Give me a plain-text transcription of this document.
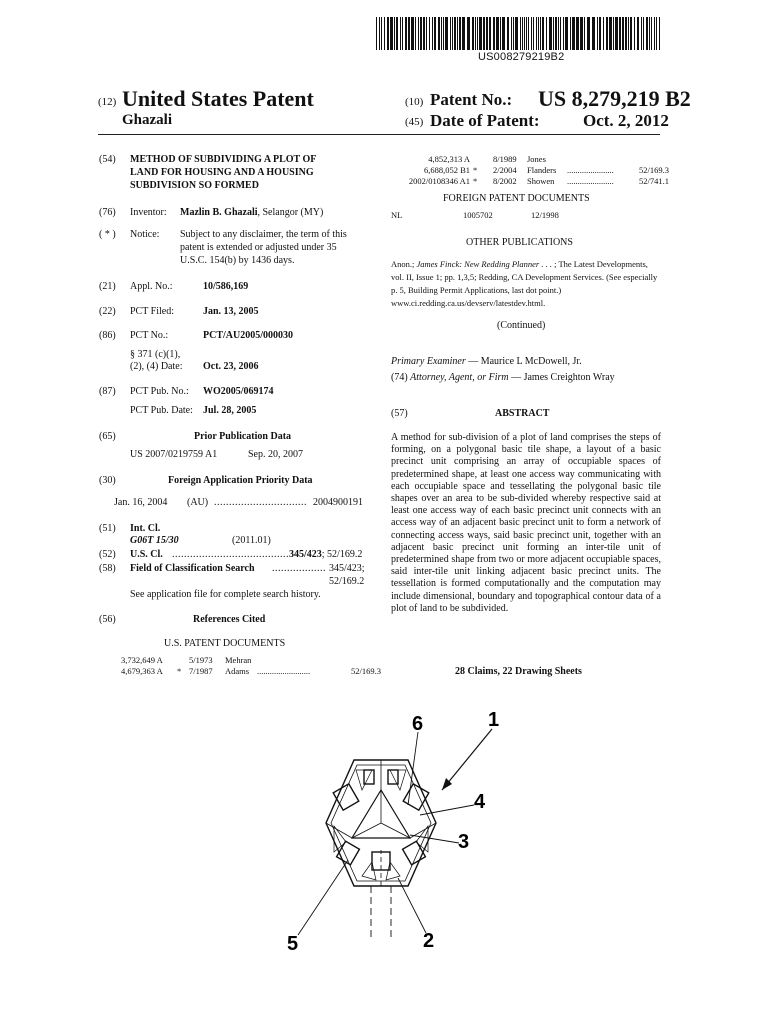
US008279219B2
(12) United States Patent
Ghazali
(10) Patent No.: US 8,279,219 B2
(45) Date of Patent:	Oct. 2, 2012
(54) METHOD OF SUBDIVIDING A PLOT OF
LAND FOR HOUSING AND A HOUSING
SUBDIVISION SO FORMED
(76) Inventor: Mazlin B. Ghazali, Selangor (MY)
( * ) Notice: Subject to any disclaimer, the term of this
patent is extended or adjusted under 35
U.S.C. 154(b) by 1436 days.
(21) Appl. No.:	10/586,169
(22) PCT Filed:	Jan. 13, 2005
(86) PCT No.:	PCT/AU2005/000030
§ 371 (c)(1),
(2), (4) Date: Oct. 23, 2006
(87) PCT Pub. No.: WO2005/069174
PCT Pub. Date: Jul. 28, 2005
(65)	Prior Publication Data
US 2007/0219759 A1	Sep. 20, 2007
(30)	Foreign Application Priority Data
Jan. 16, 2004 (AU) ............................... 2004900191
(51) Int. Cl.
G06T 15/30	(2011.01)
(52) U.S. Cl. ....................................... 345/423; 52/169.2
(58) Field of Classification Search .................. 345/423;
52/169.2
See application file for complete search history.
(56)	References Cited
U.S. PATENT DOCUMENTS
3,732,649 A	5/1973 Mehran
4,679,363 A * 7/1987 Adams .........................	52/169.3
4,852,313 A	8/1989 Jones
6,688,052 B1 * 2/2004 Flanders ......................	52/169.3
2002/0108346 A1 * 8/2002 Showen ......................	52/741.1
FOREIGN PATENT DOCUMENTS
NL	1005702	12/1998
OTHER PUBLICATIONS
Anon.; James Finck: New Redding Planner . . . ; The Latest Developments, vol. II, Issue 1; pp. 1,3,5; Redding, CA Development Services. (See especially p. 5, Building Permit Applications, last dot point.) www.ci.redding.ca.us/devserv/latestdev.html.
(Continued)
Primary Examiner — Maurice L McDowell, Jr.
(74) Attorney, Agent, or Firm — James Creighton Wray
(57)	ABSTRACT
A method for sub-division of a plot of land comprises the steps of forming, on a polygonal basic tile shape, a layout of a basic precinct unit comprising an array of occupiable spaces of predetermined shape, at least one access way communicating with each occupiable space and tessellating the polygonal basic tile shapes over an area to be sub-divided whereby respective said at least one access way of each basic precinct unit connects with an access way of an adjacent basic precinct unit to form a network of connecting access ways, said basic precinct unit, together with an adjacent basic precinct unit forming an inter-tile unit of predetermined shape from two or more adjacent occupiable spaces, said inter-tile unit linking adjacent basic precinct units. The tessellation is formed computationally and the computation may include dimensional, boundary and topographical contour data of a plot of land to be subdivided.
28 Claims, 22 Drawing Sheets
6	1
4
3
5	2
